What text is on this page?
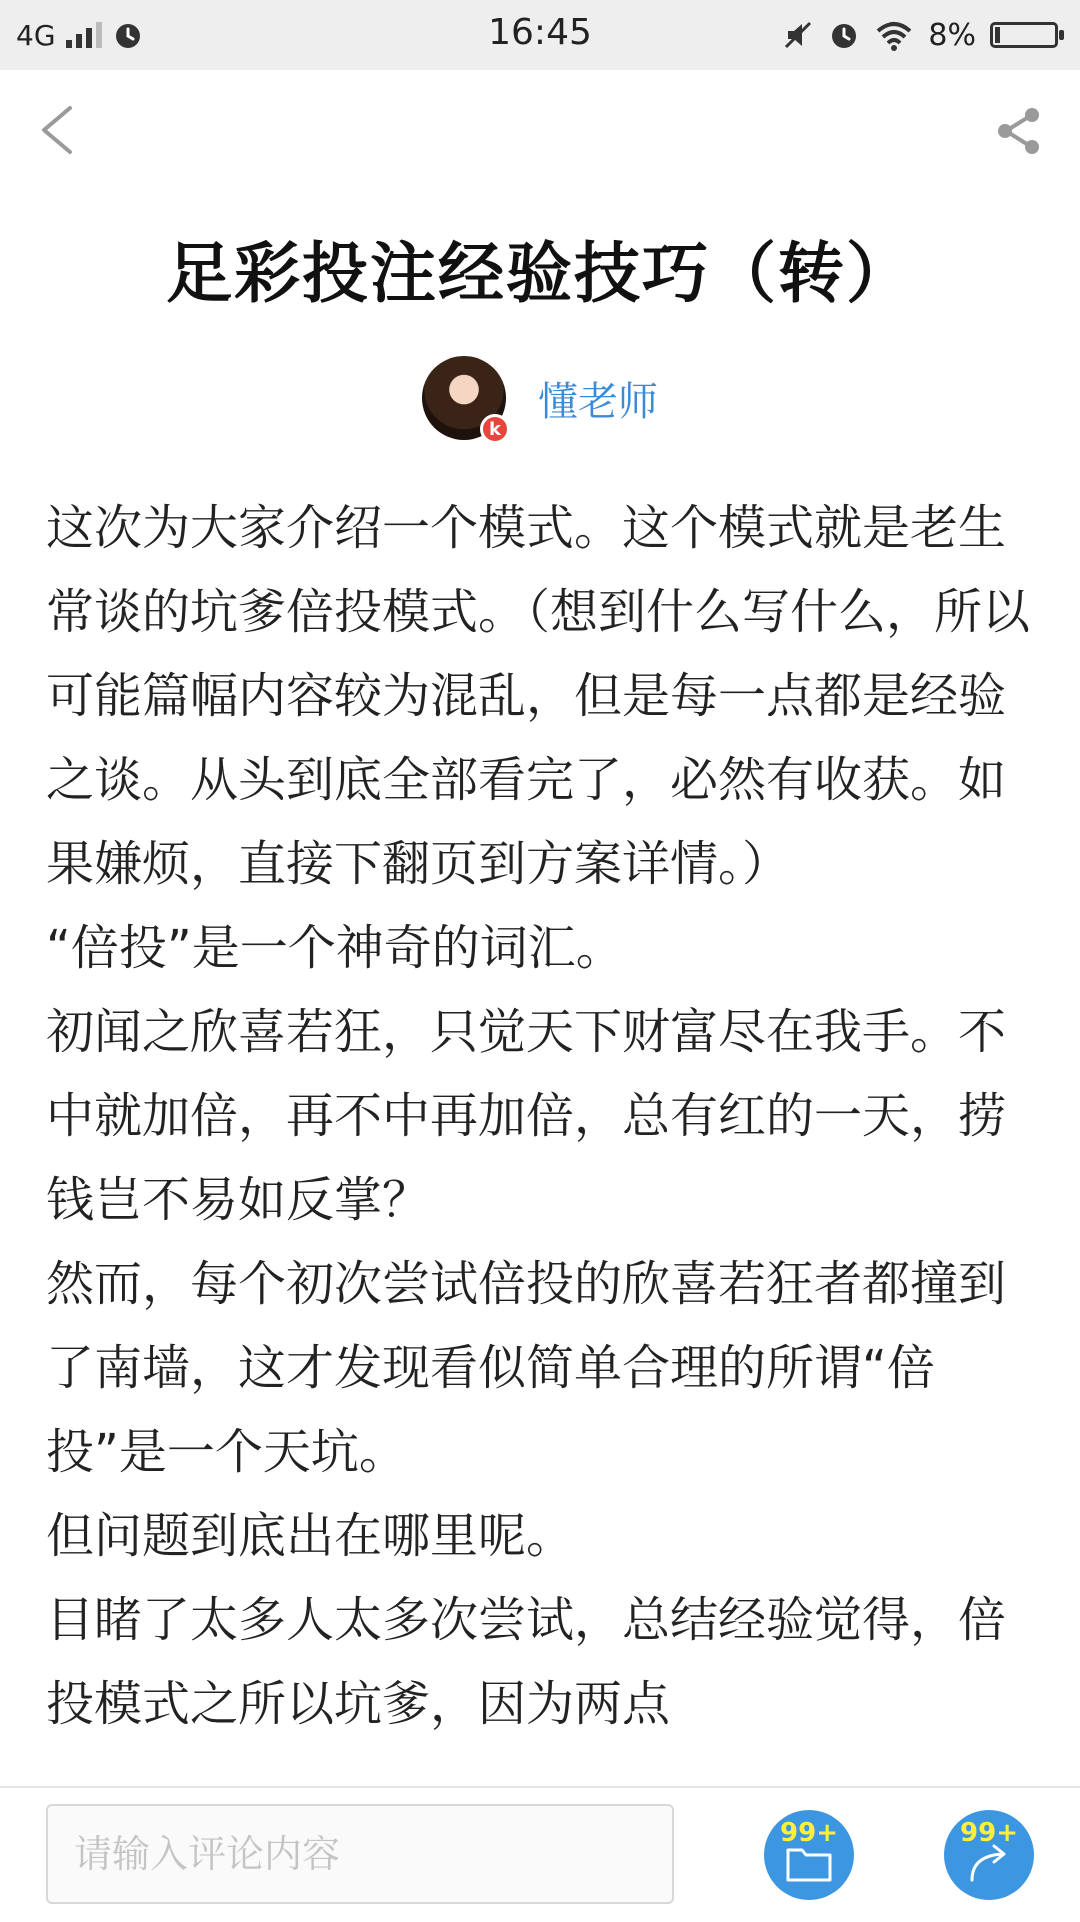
4G	16:45	8%
足彩投注经验技巧（转）
k
懂老师

这次为大家介绍一个模式。这个模式就是老生常谈的坑爹倍投模式。（想到什么写什么，所以可能篇幅内容较为混乱，但是每一点都是经验之谈。从头到底全部看完了，必然有收获。如果嫌烦，直接下翻页到方案详情。）

“倍投”是一个神奇的词汇。

初闻之欣喜若狂，只觉天下财富尽在我手。不中就加倍，再不中再加倍，总有红的一天，捞钱岂不易如反掌？

然而，每个初次尝试倍投的欣喜若狂者都撞到了南墙，这才发现看似简单合理的所谓“倍投”是一个天坑。

但问题到底出在哪里呢。

目睹了太多人太多次尝试，总结经验觉得，倍投模式之所以坑爹，因为两点

请输入评论内容
99+	99+
